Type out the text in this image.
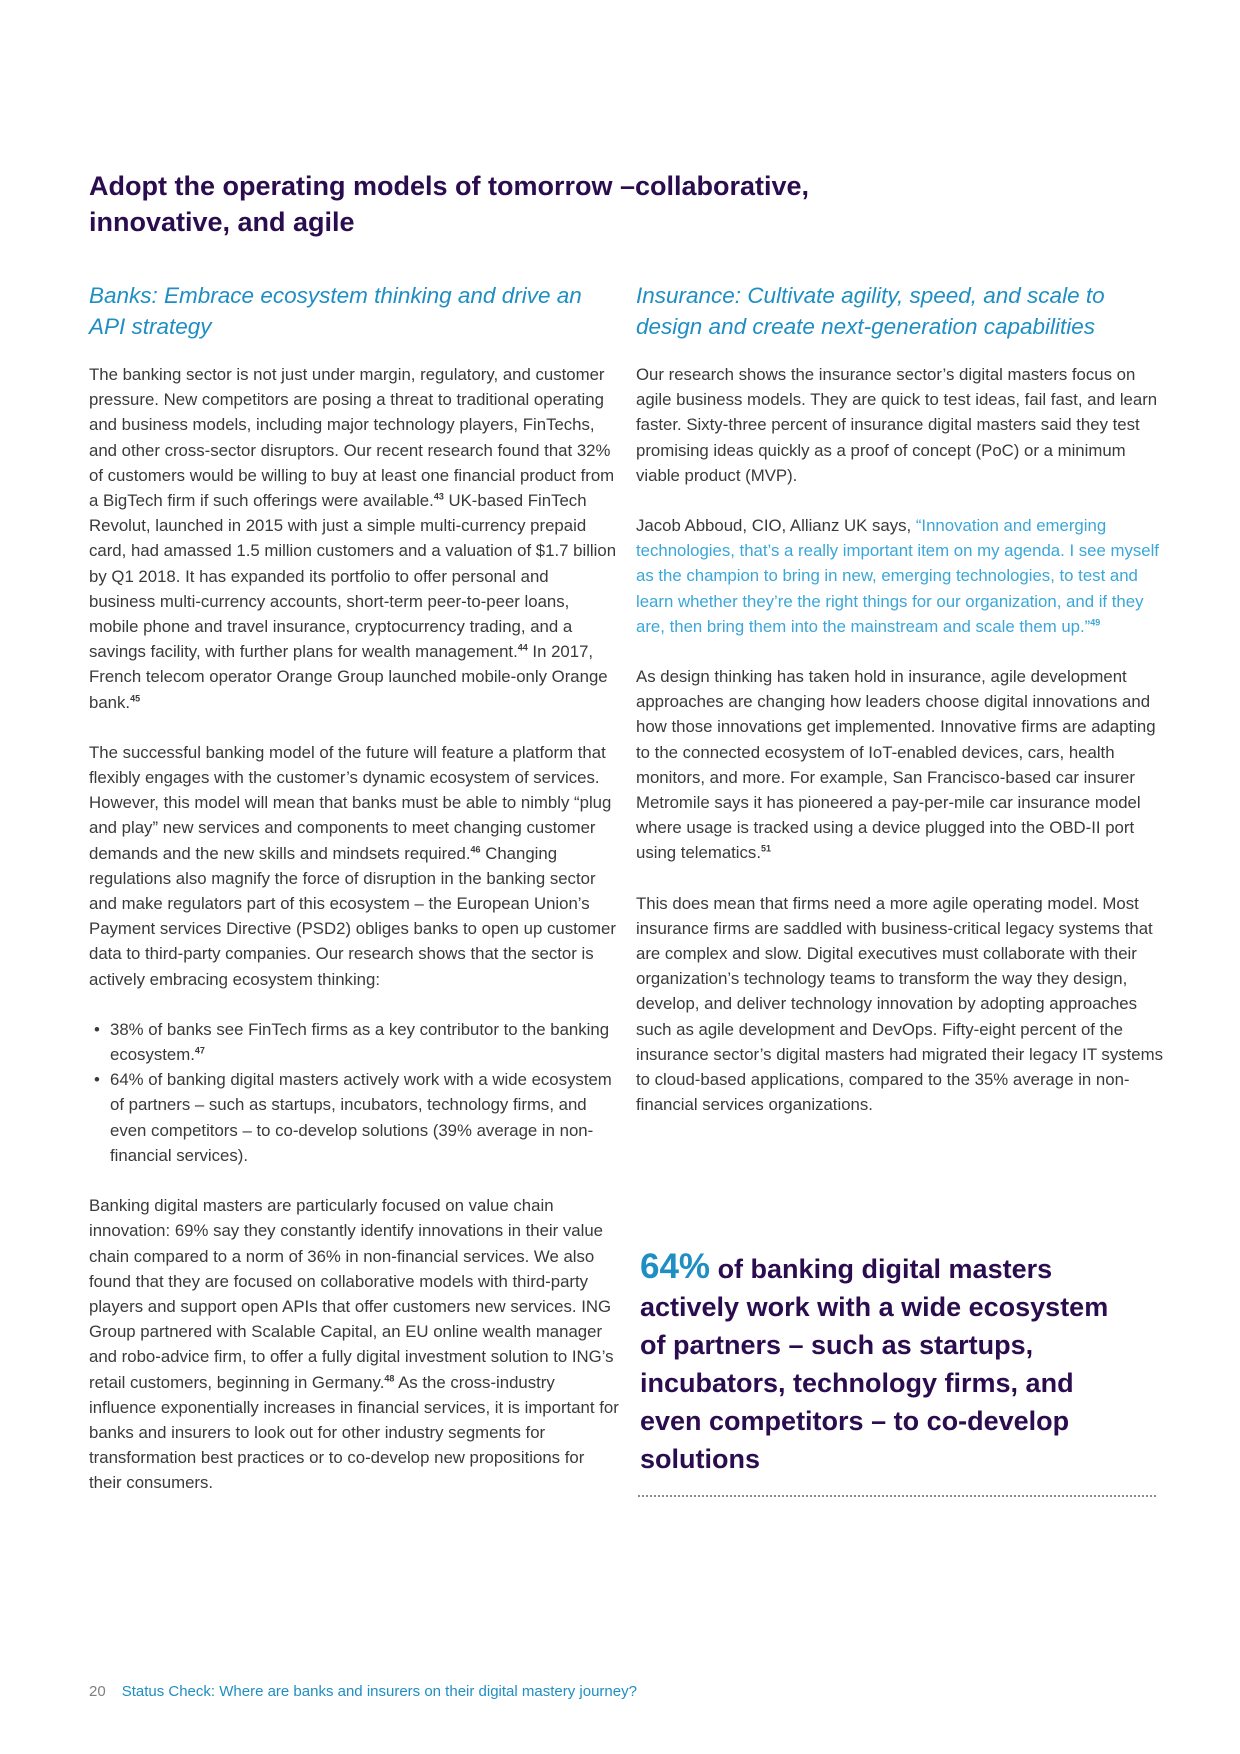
Adopt the operating models of tomorrow –collaborative, innovative, and agile
Banks: Embrace ecosystem thinking and drive an API strategy

The banking sector is not just under margin, regulatory, and customer pressure. New competitors are posing a threat to traditional operating and business models, including major technology players, FinTechs, and other cross-sector disruptors. Our recent research found that 32% of customers would be willing to buy at least one financial product from a BigTech firm if such offerings were available.$^{43}$ UK-based FinTech Revolut, launched in 2015 with just a simple multi-currency prepaid card, had amassed 1.5 million customers and a valuation of $1.7 billion by Q1 2018. It has expanded its portfolio to offer personal and business multi-currency accounts, short-term peer-to-peer loans, mobile phone and travel insurance, cryptocurrency trading, and a savings facility, with further plans for wealth management.$^{44}$ In 2017, French telecom operator Orange Group launched mobile-only Orange bank.$^{45}$

The successful banking model of the future will feature a platform that flexibly engages with the customer’s dynamic ecosystem of services. However, this model will mean that banks must be able to nimbly “plug and play” new services and components to meet changing customer demands and the new skills and mindsets required.$^{46}$ Changing regulations also magnify the force of disruption in the banking sector and make regulators part of this ecosystem – the European Union’s Payment services Directive (PSD2) obliges banks to open up customer data to third-party companies. Our research shows that the sector is actively embracing ecosystem thinking:

• 38% of banks see FinTech firms as a key contributor to the banking ecosystem.$^{47}$
• 64% of banking digital masters actively work with a wide ecosystem of partners – such as startups, incubators, technology firms, and even competitors – to co-develop solutions (39% average in non-financial services).

Banking digital masters are particularly focused on value chain innovation: 69% say they constantly identify innovations in their value chain compared to a norm of 36% in non-financial services. We also found that they are focused on collaborative models with third-party players and support open APIs that offer customers new services. ING Group partnered with Scalable Capital, an EU online wealth manager and robo-advice firm, to offer a fully digital investment solution to ING’s retail customers, beginning in Germany.$^{48}$ As the cross-industry influence exponentially increases in financial services, it is important for banks and insurers to look out for other industry segments for transformation best practices or to co-develop new propositions for their consumers.

Insurance: Cultivate agility, speed, and scale to design and create next-generation capabilities

Our research shows the insurance sector’s digital masters focus on agile business models. They are quick to test ideas, fail fast, and learn faster. Sixty-three percent of insurance digital masters said they test promising ideas quickly as a proof of concept (PoC) or a minimum viable product (MVP).

Jacob Abboud, CIO, Allianz UK says, “Innovation and emerging technologies, that’s a really important item on my agenda. I see myself as the champion to bring in new, emerging technologies, to test and learn whether they’re the right things for our organization, and if they are, then bring them into the mainstream and scale them up.”$^{49}$

As design thinking has taken hold in insurance, agile development approaches are changing how leaders choose digital innovations and how those innovations get implemented. Innovative firms are adapting to the connected ecosystem of IoT-enabled devices, cars, health monitors, and more. For example, San Francisco-based car insurer Metromile says it has pioneered a pay-per-mile car insurance model where usage is tracked using a device plugged into the OBD-II port using telematics.$^{51}$

This does mean that firms need a more agile operating model. Most insurance firms are saddled with business-critical legacy systems that are complex and slow. Digital executives must collaborate with their organization’s technology teams to transform the way they design, develop, and deliver technology innovation by adopting approaches such as agile development and DevOps. Fifty-eight percent of the insurance sector’s digital masters had migrated their legacy IT systems to cloud-based applications, compared to the 35% average in non-financial services organizations.

64% of banking digital masters actively work with a wide ecosystem of partners – such as startups, incubators, technology firms, and even competitors – to co-develop solutions
20 Status Check: Where are banks and insurers on their digital mastery journey?
